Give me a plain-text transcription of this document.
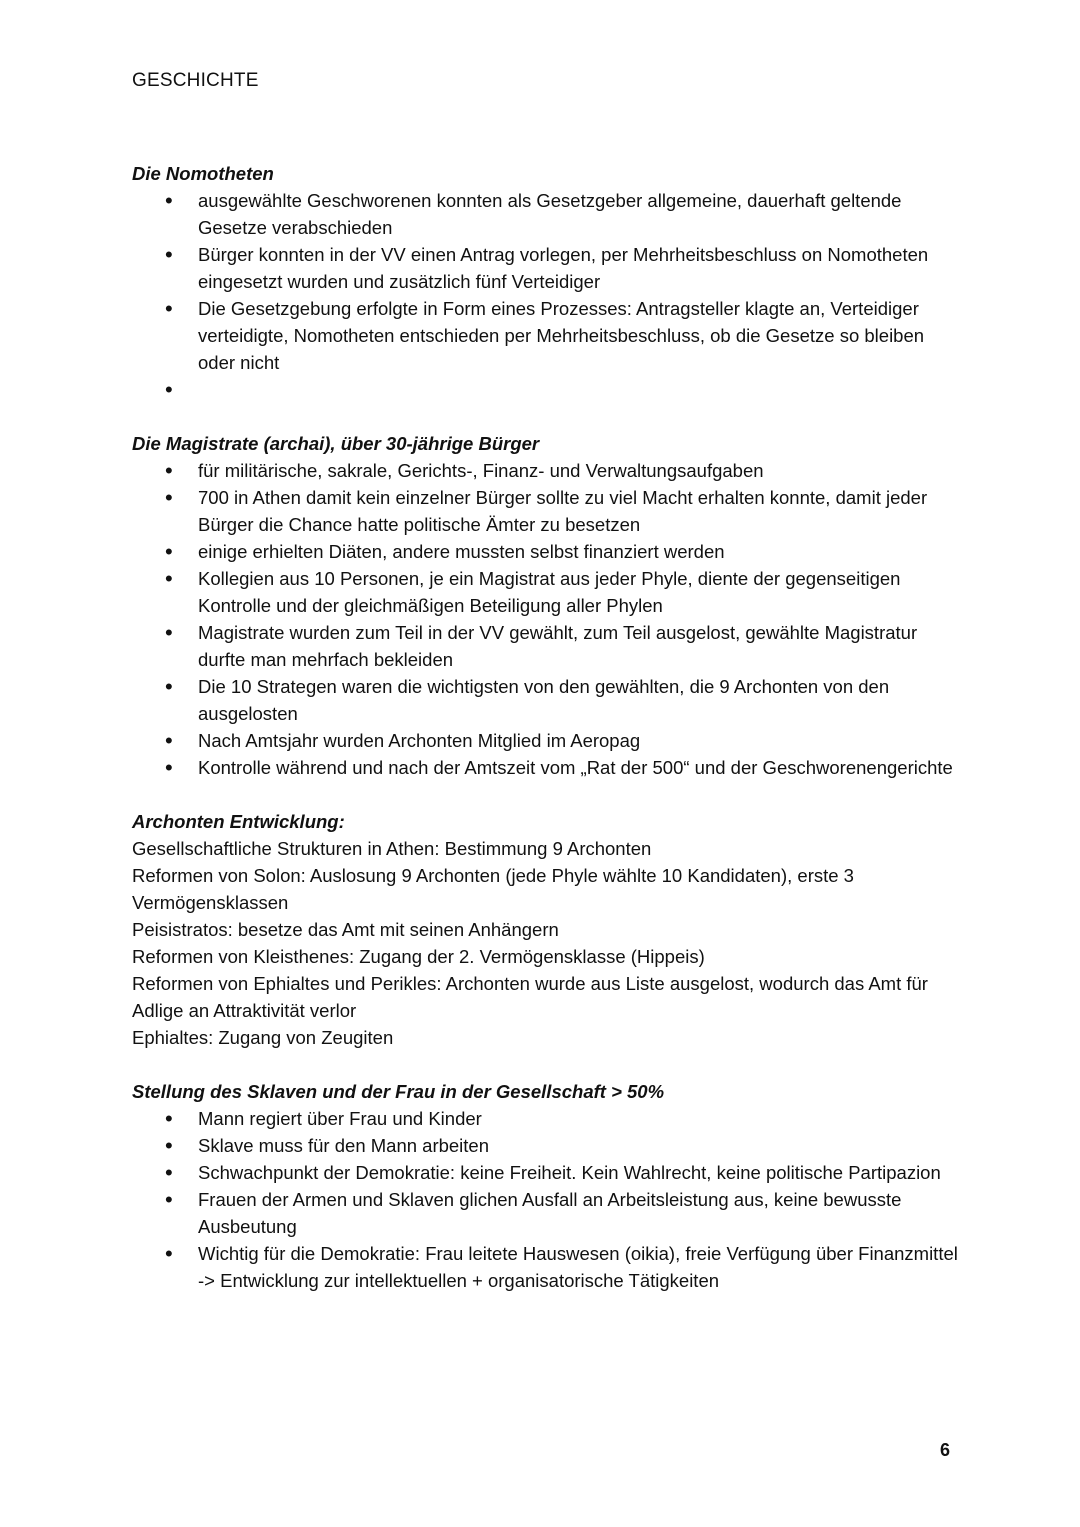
GESCHICHTE

Die Nomotheten

• ausgewählte Geschworenen konnten als Gesetzgeber allgemeine, dauerhaft geltende Gesetze verabschieden
• Bürger konnten in der VV einen Antrag vorlegen, per Mehrheitsbeschluss on Nomotheten eingesetzt wurden und zusätzlich fünf Verteidiger
• Die Gesetzgebung erfolgte in Form eines Prozesses: Antragsteller klagte an, Verteidiger verteidigte, Nomotheten entschieden per Mehrheitsbeschluss, ob die Gesetze so bleiben oder nicht
•

Die Magistrate (archai), über 30-jährige Bürger

• für militärische, sakrale, Gerichts-, Finanz- und Verwaltungsaufgaben
• 700 in Athen damit kein einzelner Bürger sollte zu viel Macht erhalten konnte, damit jeder Bürger die Chance hatte politische Ämter zu besetzen
• einige erhielten Diäten, andere mussten selbst finanziert werden
• Kollegien aus 10 Personen, je ein Magistrat aus jeder Phyle, diente der gegenseitigen Kontrolle und der gleichmäßigen Beteiligung aller Phylen
• Magistrate wurden zum Teil in der VV gewählt, zum Teil ausgelost, gewählte Magistratur durfte man mehrfach bekleiden
• Die 10 Strategen waren die wichtigsten von den gewählten, die 9 Archonten von den ausgelosten
• Nach Amtsjahr wurden Archonten Mitglied im Aeropag
• Kontrolle während und nach der Amtszeit vom „Rat der 500“ und der Geschworenengerichte

Archonten Entwicklung:

Gesellschaftliche Strukturen in Athen: Bestimmung 9 Archonten

Reformen von Solon: Auslosung 9 Archonten (jede Phyle wählte 10 Kandidaten), erste 3 Vermögensklassen

Peisistratos: besetze das Amt mit seinen Anhängern

Reformen von Kleisthenes: Zugang der 2. Vermögensklasse (Hippeis)

Reformen von Ephialtes und Perikles: Archonten wurde aus Liste ausgelost, wodurch das Amt für Adlige an Attraktivität verlor

Ephialtes: Zugang von Zeugiten

Stellung des Sklaven und der Frau in der Gesellschaft > 50%

• Mann regiert über Frau und Kinder
• Sklave muss für den Mann arbeiten
• Schwachpunkt der Demokratie: keine Freiheit. Kein Wahlrecht, keine politische Partipazion
• Frauen der Armen und Sklaven glichen Ausfall an Arbeitsleistung aus, keine bewusste Ausbeutung
• Wichtig für die Demokratie: Frau leitete Hauswesen (oikia), freie Verfügung über Finanzmittel -> Entwicklung zur intellektuellen + organisatorische Tätigkeiten
6
